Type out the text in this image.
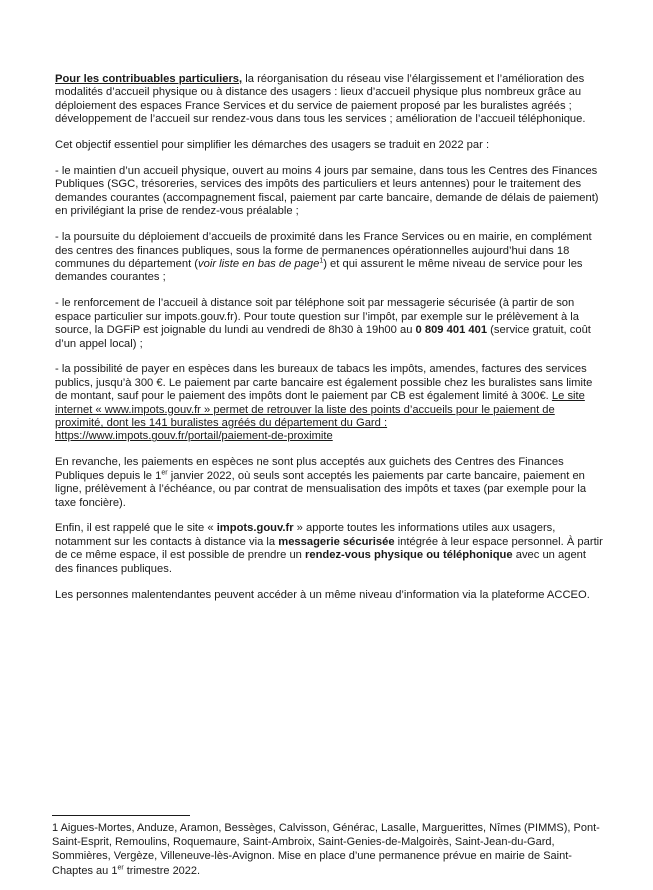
Pour les contribuables particuliers, la réorganisation du réseau vise l’élargissement et l’amélioration des modalités d’accueil physique ou à distance des usagers : lieux d’accueil physique plus nombreux grâce au déploiement des espaces France Services et du service de paiement proposé par les buralistes agréés ; développement de l’accueil sur rendez-vous dans tous les services ; amélioration de l’accueil téléphonique.

Cet objectif essentiel pour simplifier les démarches des usagers se traduit en 2022 par :

- le maintien d’un accueil physique, ouvert au moins 4 jours par semaine, dans tous les Centres des Finances Publiques (SGC, trésoreries, services des impôts des particuliers et leurs antennes) pour le traitement des demandes courantes (accompagnement fiscal, paiement par carte bancaire, demande de délais de paiement) en privilégiant la prise de rendez-vous préalable ;

- la poursuite du déploiement d’accueils de proximité dans les France Services ou en mairie, en complément des centres des finances publiques, sous la forme de permanences opérationnelles aujourd’hui dans 18 communes du département (voir liste en bas de page$^1$) et qui assurent le même niveau de service pour les demandes courantes ;

- le renforcement de l’accueil à distance soit par téléphone soit par messagerie sécurisée (à partir de son espace particulier sur impots.gouv.fr). Pour toute question sur l’impôt, par exemple sur le prélèvement à la source, la DGFiP est joignable du lundi au vendredi de 8h30 à 19h00 au 0 809 401 401 (service gratuit, coût d’un appel local) ;

- la possibilité de payer en espèces dans les bureaux de tabacs les impôts, amendes, factures des services publics, jusqu’à 300 €. Le paiement par carte bancaire est également possible chez les buralistes sans limite de montant, sauf pour le paiement des impôts dont le paiement par CB est également limité à 300€. Le site internet « www.impots.gouv.fr » permet de retrouver la liste des points d’accueils pour le paiement de proximité, dont les 141 buralistes agréés du département du Gard : https://www.impots.gouv.fr/portail/paiement-de-proximite

En revanche, les paiements en espèces ne sont plus acceptés aux guichets des Centres des Finances Publiques depuis le 1er janvier 2022, où seuls sont acceptés les paiements par carte bancaire, paiement en ligne, prélèvement à l’échéance, ou par contrat de mensualisation des impôts et taxes (par exemple pour la taxe foncière).

Enfin, il est rappelé que le site « impots.gouv.fr » apporte toutes les informations utiles aux usagers, notamment sur les contacts à distance via la messagerie sécurisée intégrée à leur espace personnel. À partir de ce même espace, il est possible de prendre un rendez-vous physique ou téléphonique avec un agent des finances publiques.

Les personnes malentendantes peuvent accéder à un même niveau d’information via la plateforme ACCEO.

1 Aigues-Mortes, Anduze, Aramon, Bessèges, Calvisson, Générac, Lasalle, Marguerittes, Nîmes (PIMMS), Pont-Saint-Esprit, Remoulins, Roquemaure, Saint-Ambroix, Saint-Genies-de-Malgoirès, Saint-Jean-du-Gard, Sommières, Vergèze, Villeneuve-lès-Avignon. Mise en place d’une permanence prévue en mairie de Saint-Chaptes au 1er trimestre 2022.
